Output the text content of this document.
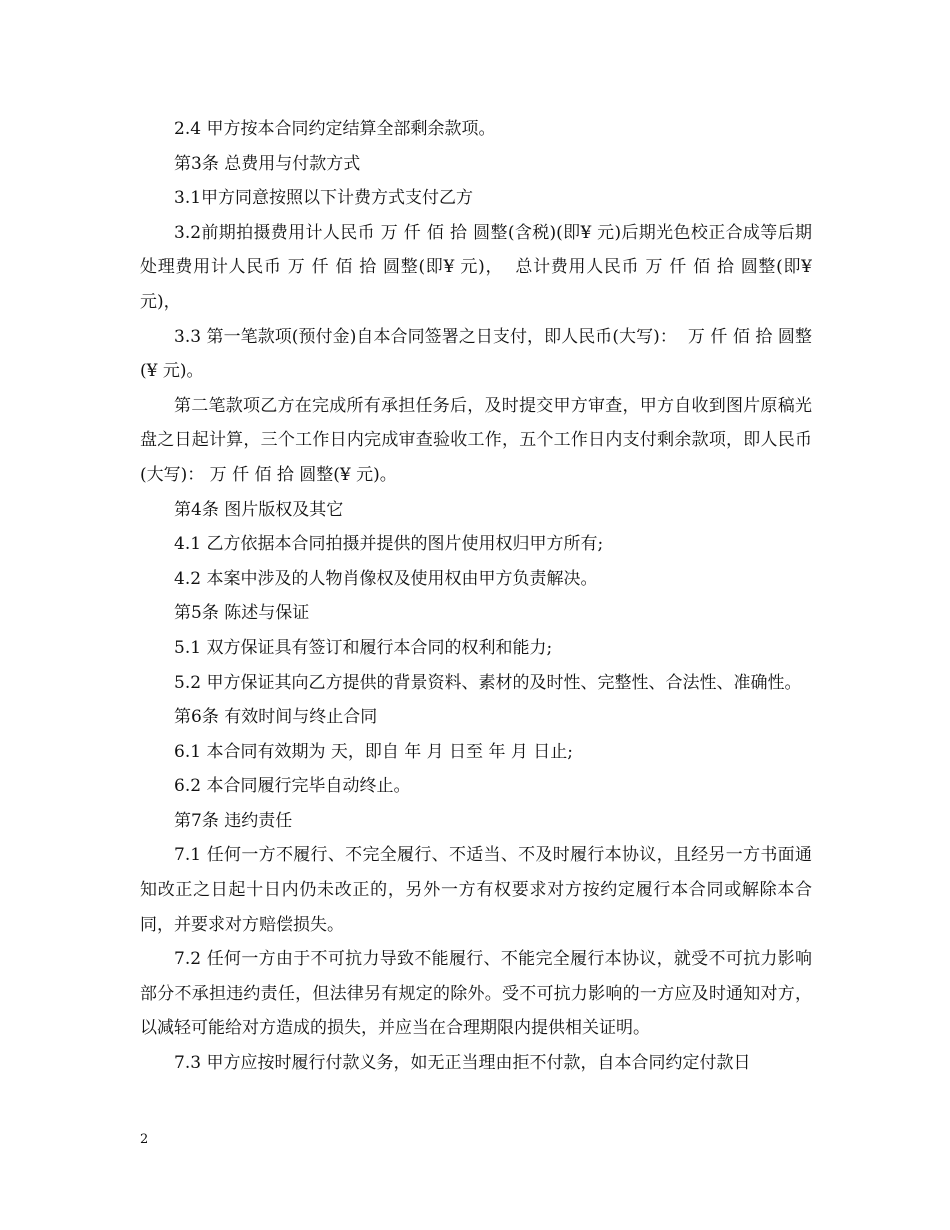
2.4 甲方按本合同约定结算全部剩余款项。

第3条 总费用与付款方式

3.1甲方同意按照以下计费方式支付乙方

3.2前期拍摄费用计人民币 万 仟 佰 拾 圆整(含税)(即¥ 元)后期光色校正合成等后期处理费用计人民币 万 仟 佰 拾 圆整(即¥ 元)，  总计费用人民币 万 仟 佰 拾 圆整(即¥ 元)，

3.3 第一笔款项(预付金)自本合同签署之日支付，即人民币(大写)：  万 仟 佰 拾 圆整(¥ 元)。

第二笔款项乙方在完成所有承担任务后，及时提交甲方审查，甲方自收到图片原稿光盘之日起计算，三个工作日内完成审查验收工作，五个工作日内支付剩余款项，即人民币(大写)： 万 仟 佰 拾 圆整(¥ 元)。

第4条 图片版权及其它

4.1 乙方依据本合同拍摄并提供的图片使用权归甲方所有;

4.2 本案中涉及的人物肖像权及使用权由甲方负责解决。

第5条 陈述与保证

5.1 双方保证具有签订和履行本合同的权利和能力;

5.2 甲方保证其向乙方提供的背景资料、素材的及时性、完整性、合法性、准确性。

第6条 有效时间与终止合同

6.1 本合同有效期为 天，即自 年 月 日至 年 月 日止;

6.2 本合同履行完毕自动终止。

第7条 违约责任

7.1 任何一方不履行、不完全履行、不适当、不及时履行本协议，且经另一方书面通知改正之日起十日内仍未改正的，另外一方有权要求对方按约定履行本合同或解除本合同，并要求对方赔偿损失。

7.2 任何一方由于不可抗力导致不能履行、不能完全履行本协议，就受不可抗力影响部分不承担违约责任，但法律另有规定的除外。受不可抗力影响的一方应及时通知对方，以减轻可能给对方造成的损失，并应当在合理期限内提供相关证明。

7.3 甲方应按时履行付款义务，如无正当理由拒不付款，自本合同约定付款日

2
